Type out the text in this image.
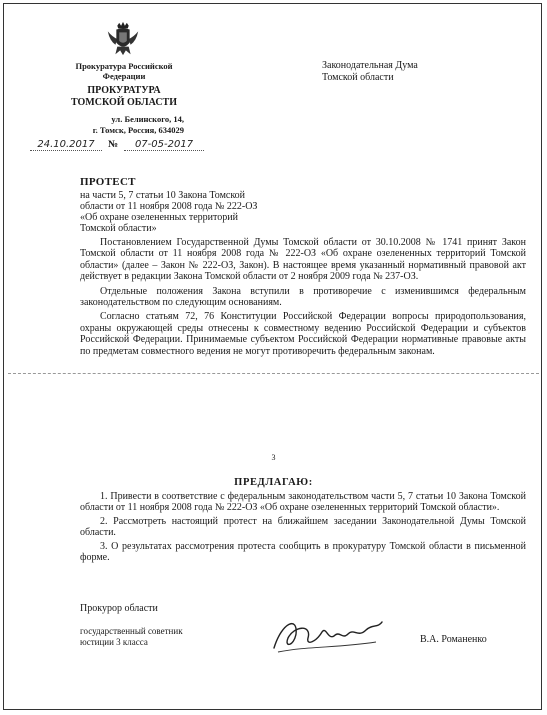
Прокуратура Российской
Федерации
ПРОКУРАТУРА
ТОМСКОЙ ОБЛАСТИ
ул. Белинского, 14,
г. Томск, Россия, 634029
24.10.2017	№	07-05-2017
Законодательная Дума
Томской области
ПРОТЕСТ
на части 5, 7 статьи 10 Закона Томской
области от 11 ноября 2008 года № 222-ОЗ
«Об охране озелененных территорий
Томской области»

Постановлением Государственной Думы Томской области от 30.10.2008 № 1741 принят Закон Томской области от 11 ноября 2008 года № 222-ОЗ «Об охране озелененных территорий Томской области» (далее – Закон № 222-ОЗ, Закон). В настоящее время указанный нормативный правовой акт действует в редакции Закона Томской области от 2 ноября 2009 года № 237-ОЗ.

Отдельные положения Закона вступили в противоречие с изменившимся федеральным законодательством по следующим основаниям.

Согласно статьям 72, 76 Конституции Российской Федерации вопросы природопользования, охраны окружающей среды отнесены к совместному ведению Российской Федерации и субъектов Российской Федерации. Принимаемые субъектом Российской Федерации нормативные правовые акты по предметам совместного ведения не могут противоречить федеральным законам.

3
ПРЕДЛАГАЮ:

1. Привести в соответствие с федеральным законодательством части 5, 7 статьи 10 Закона Томской области от 11 ноября 2008 года № 222-ОЗ «Об охране озелененных территорий Томской области».

2. Рассмотреть настоящий протест на ближайшем заседании Законодательной Думы Томской области.

3. О результатах рассмотрения протеста сообщить в прокуратуру Томской области в письменной форме.

Прокурор области
государственный советник
юстиции 3 класса	В.А. Романенко
